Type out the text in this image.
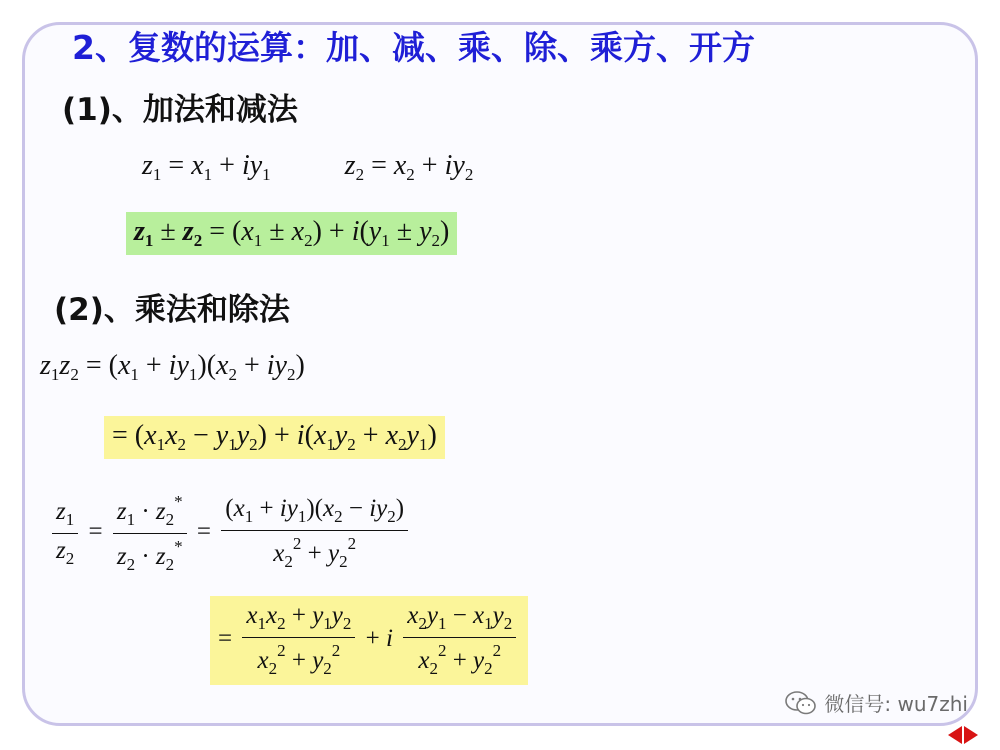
2、复数的运算：加、减、乘、除、乘方、开方
(1)、加法和减法
$z_1 = x_1 + iy_1$	$z_2 = x_2 + iy_2$
$z_1 \pm z_2 = (x_1 \pm x_2) + i(y_1 \pm y_2)$
(2)、乘法和除法
$z_1z_2 = (x_1 + iy_1)(x_2 + iy_2)$
= $(x_1x_2 - y_1y_2) + i(x_1y_2 + x_2y_1)$
$\frac{z_1}{z_2} = \frac{z_1 \cdot z_2^*}{z_2 \cdot z_2^*} = \frac{(x_1 + iy_1)(x_2 - iy_2)}{x_2^2 + y_2^2}$
= $\frac{x_1x_2 + y_1y_2}{x_2^2 + y_2^2} + i \frac{x_2y_1 - x_1y_2}{x_2^2 + y_2^2}$
微信号: wu7zhi
